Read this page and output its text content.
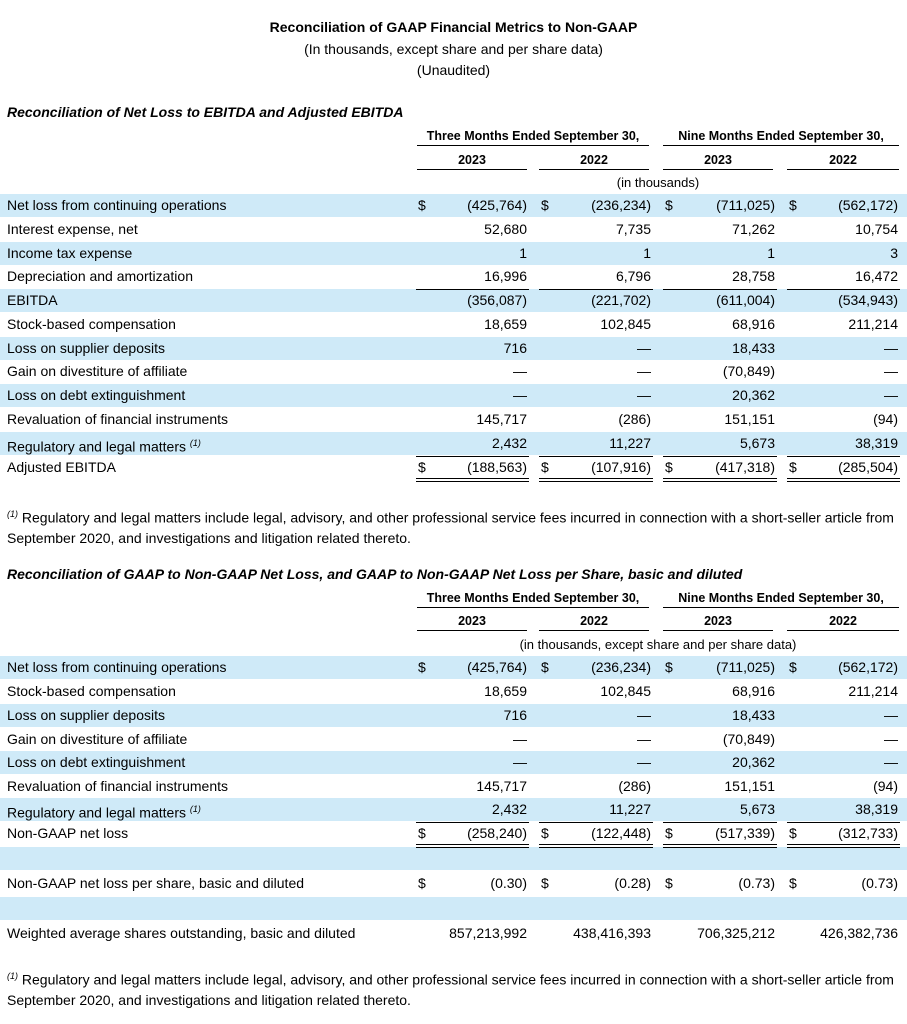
Reconciliation of GAAP Financial Metrics to Non-GAAP
(In thousands, except share and per share data)
(Unaudited)
Reconciliation of Net Loss to EBITDA and Adjusted EBITDA
Three Months Ended September 30,	Nine Months Ended September 30,
2023	2022	2023	2022
(in thousands)
Net loss from continuing operations	$	(425,764) $	(236,234) $	(711,025) $	(562,172)
Interest expense, net	52,680	7,735	71,262	10,754
Income tax expense	1	1	1	3
Depreciation and amortization	16,996	6,796	28,758	16,472
EBITDA	(356,087)	(221,702)	(611,004)	(534,943)
Stock-based compensation	18,659	102,845	68,916	211,214
Loss on supplier deposits	716	—	18,433	—
Gain on divestiture of affiliate	—	—	(70,849)	—
Loss on debt extinguishment	—	—	20,362	—
Revaluation of financial instruments	145,717	(286)	151,151	(94)
Regulatory and legal matters $^{(1)}$	2,432	11,227	5,673	38,319
Adjusted EBITDA	$	(188,563) $	(107,916) $	(417,318) $	(285,504)
$^{(1)}$ Regulatory and legal matters include legal, advisory, and other professional service fees incurred in connection with a short-seller article from September 2020, and investigations and litigation related thereto.
Reconciliation of GAAP to Non-GAAP Net Loss, and GAAP to Non-GAAP Net Loss per Share, basic and diluted
Three Months Ended September 30,	Nine Months Ended September 30,
2023	2022	2023	2022
(in thousands, except share and per share data)
Net loss from continuing operations	$	(425,764) $	(236,234) $	(711,025) $	(562,172)
Stock-based compensation	18,659	102,845	68,916	211,214
Loss on supplier deposits	716	—	18,433	—
Gain on divestiture of affiliate	—	—	(70,849)	—
Loss on debt extinguishment	—	—	20,362	—
Revaluation of financial instruments	145,717	(286)	151,151	(94)
Regulatory and legal matters $^{(1)}$	2,432	11,227	5,673	38,319
Non-GAAP net loss	$	(258,240) $	(122,448) $	(517,339) $	(312,733)
Non-GAAP net loss per share, basic and diluted	$	(0.30) $	(0.28) $	(0.73) $	(0.73)
Weighted average shares outstanding, basic and diluted	857,213,992	438,416,393	706,325,212	426,382,736
$^{(1)}$ Regulatory and legal matters include legal, advisory, and other professional service fees incurred in connection with a short-seller article from September 2020, and investigations and litigation related thereto.
